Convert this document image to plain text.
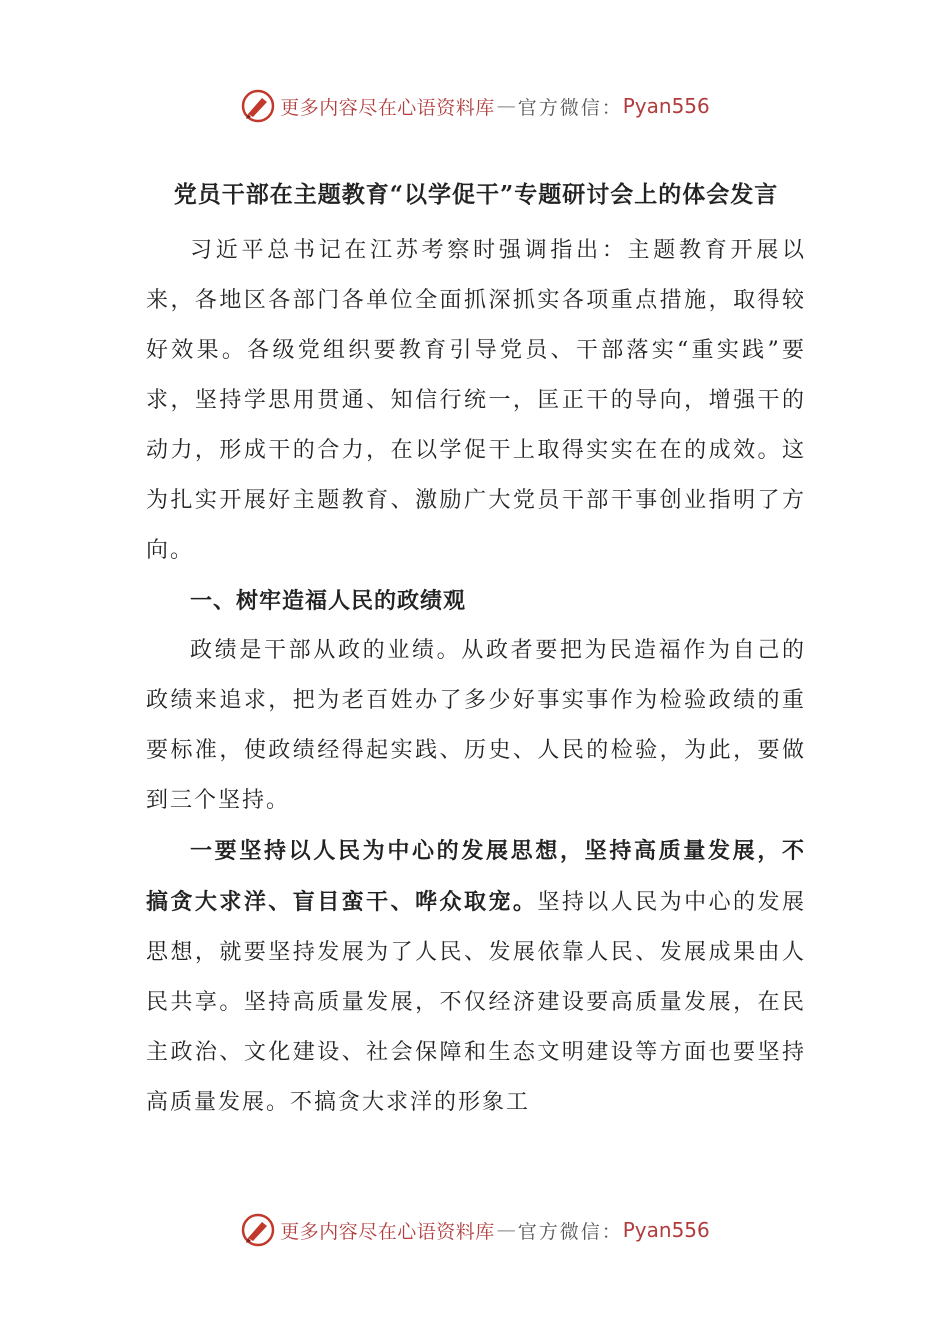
更多内容尽在心语资料库 — 官方微信： Pyan556
党员干部在主题教育“以学促干”专题研讨会上的体会发言

习近平总书记在江苏考察时强调指出：主题教育开展以来，各地区各部门各单位全面抓深抓实各项重点措施，取得较好效果。各级党组织要教育引导党员、干部落实“重实践”要求，坚持学思用贯通、知信行统一，匡正干的导向，增强干的动力，形成干的合力，在以学促干上取得实实在在的成效。这为扎实开展好主题教育、激励广大党员干部干事创业指明了方向。

一、树牢造福人民的政绩观

政绩是干部从政的业绩。从政者要把为民造福作为自己的政绩来追求，把为老百姓办了多少好事实事作为检验政绩的重要标准，使政绩经得起实践、历史、人民的检验，为此，要做到三个坚持。

一要坚持以人民为中心的发展思想，坚持高质量发展，不搞贪大求洋、盲目蛮干、哗众取宠。坚持以人民为中心的发展思想，就要坚持发展为了人民、发展依靠人民、发展成果由人民共享。坚持高质量发展，不仅经济建设要高质量发展，在民主政治、文化建设、社会保障和生态文明建设等方面也要坚持高质量发展。不搞贪大求洋的形象工

更多内容尽在心语资料库 — 官方微信： Pyan556
